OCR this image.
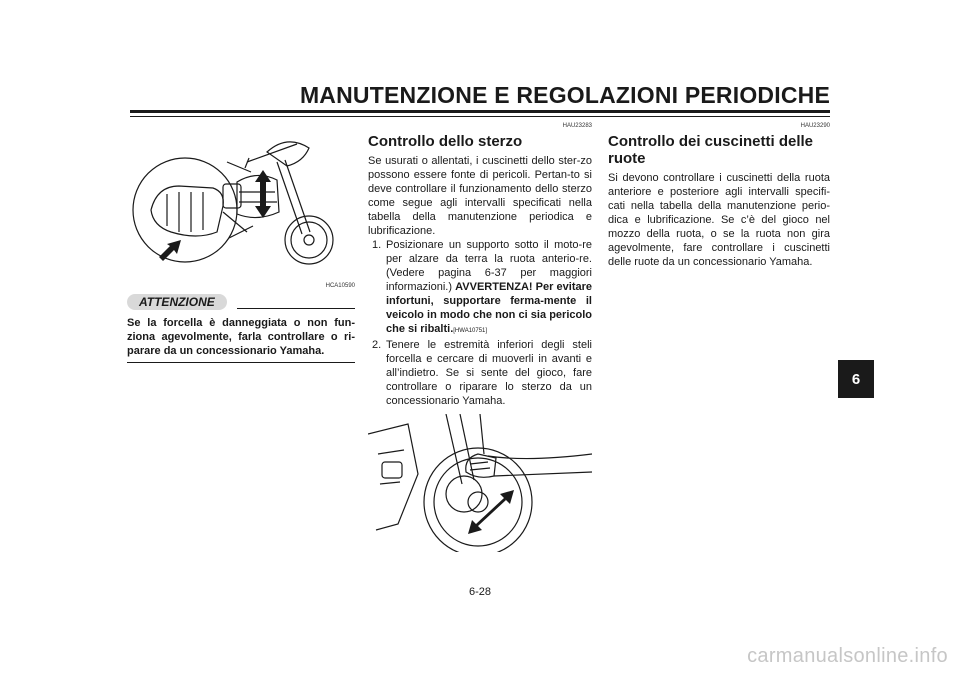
MANUTENZIONE E REGOLAZIONI PERIODICHE
6
HCA10590
ATTENZIONE
Se la forcella è danneggiata o non fun-ziona agevolmente, farla controllare o ri-parare da un concessionario Yamaha.
HAU23283
Controllo dello sterzo

Se usurati o allentati, i cuscinetti dello ster-zo possono essere fonte di pericoli. Pertan-to si deve controllare il funzionamento dello sterzo come segue agli intervalli specificati nella tabella della manutenzione periodica e lubrificazione.

1. Posizionare un supporto sotto il moto-re per alzare da terra la ruota anterio-re. (Vedere pagina 6-37 per maggiori informazioni.) AVVERTENZA! Per evitare infortuni, supportare ferma-mente il veicolo in modo che non ci sia pericolo che si ribalti.[HWA10751]
2. Tenere le estremità inferiori degli steli forcella e cercare di muoverli in avanti e all’indietro. Se si sente del gioco, fare controllare o riparare lo sterzo da un concessionario Yamaha.
HAU23290
Controllo dei cuscinetti delle ruote

Si devono controllare i cuscinetti della ruota anteriore e posteriore agli intervalli specifi-cati nella tabella della manutenzione perio-dica e lubrificazione. Se c’è del gioco nel mozzo della ruota, o se la ruota non gira agevolmente, fare controllare i cuscinetti delle ruote da un concessionario Yamaha.

6-28
carmanualsonline.info
